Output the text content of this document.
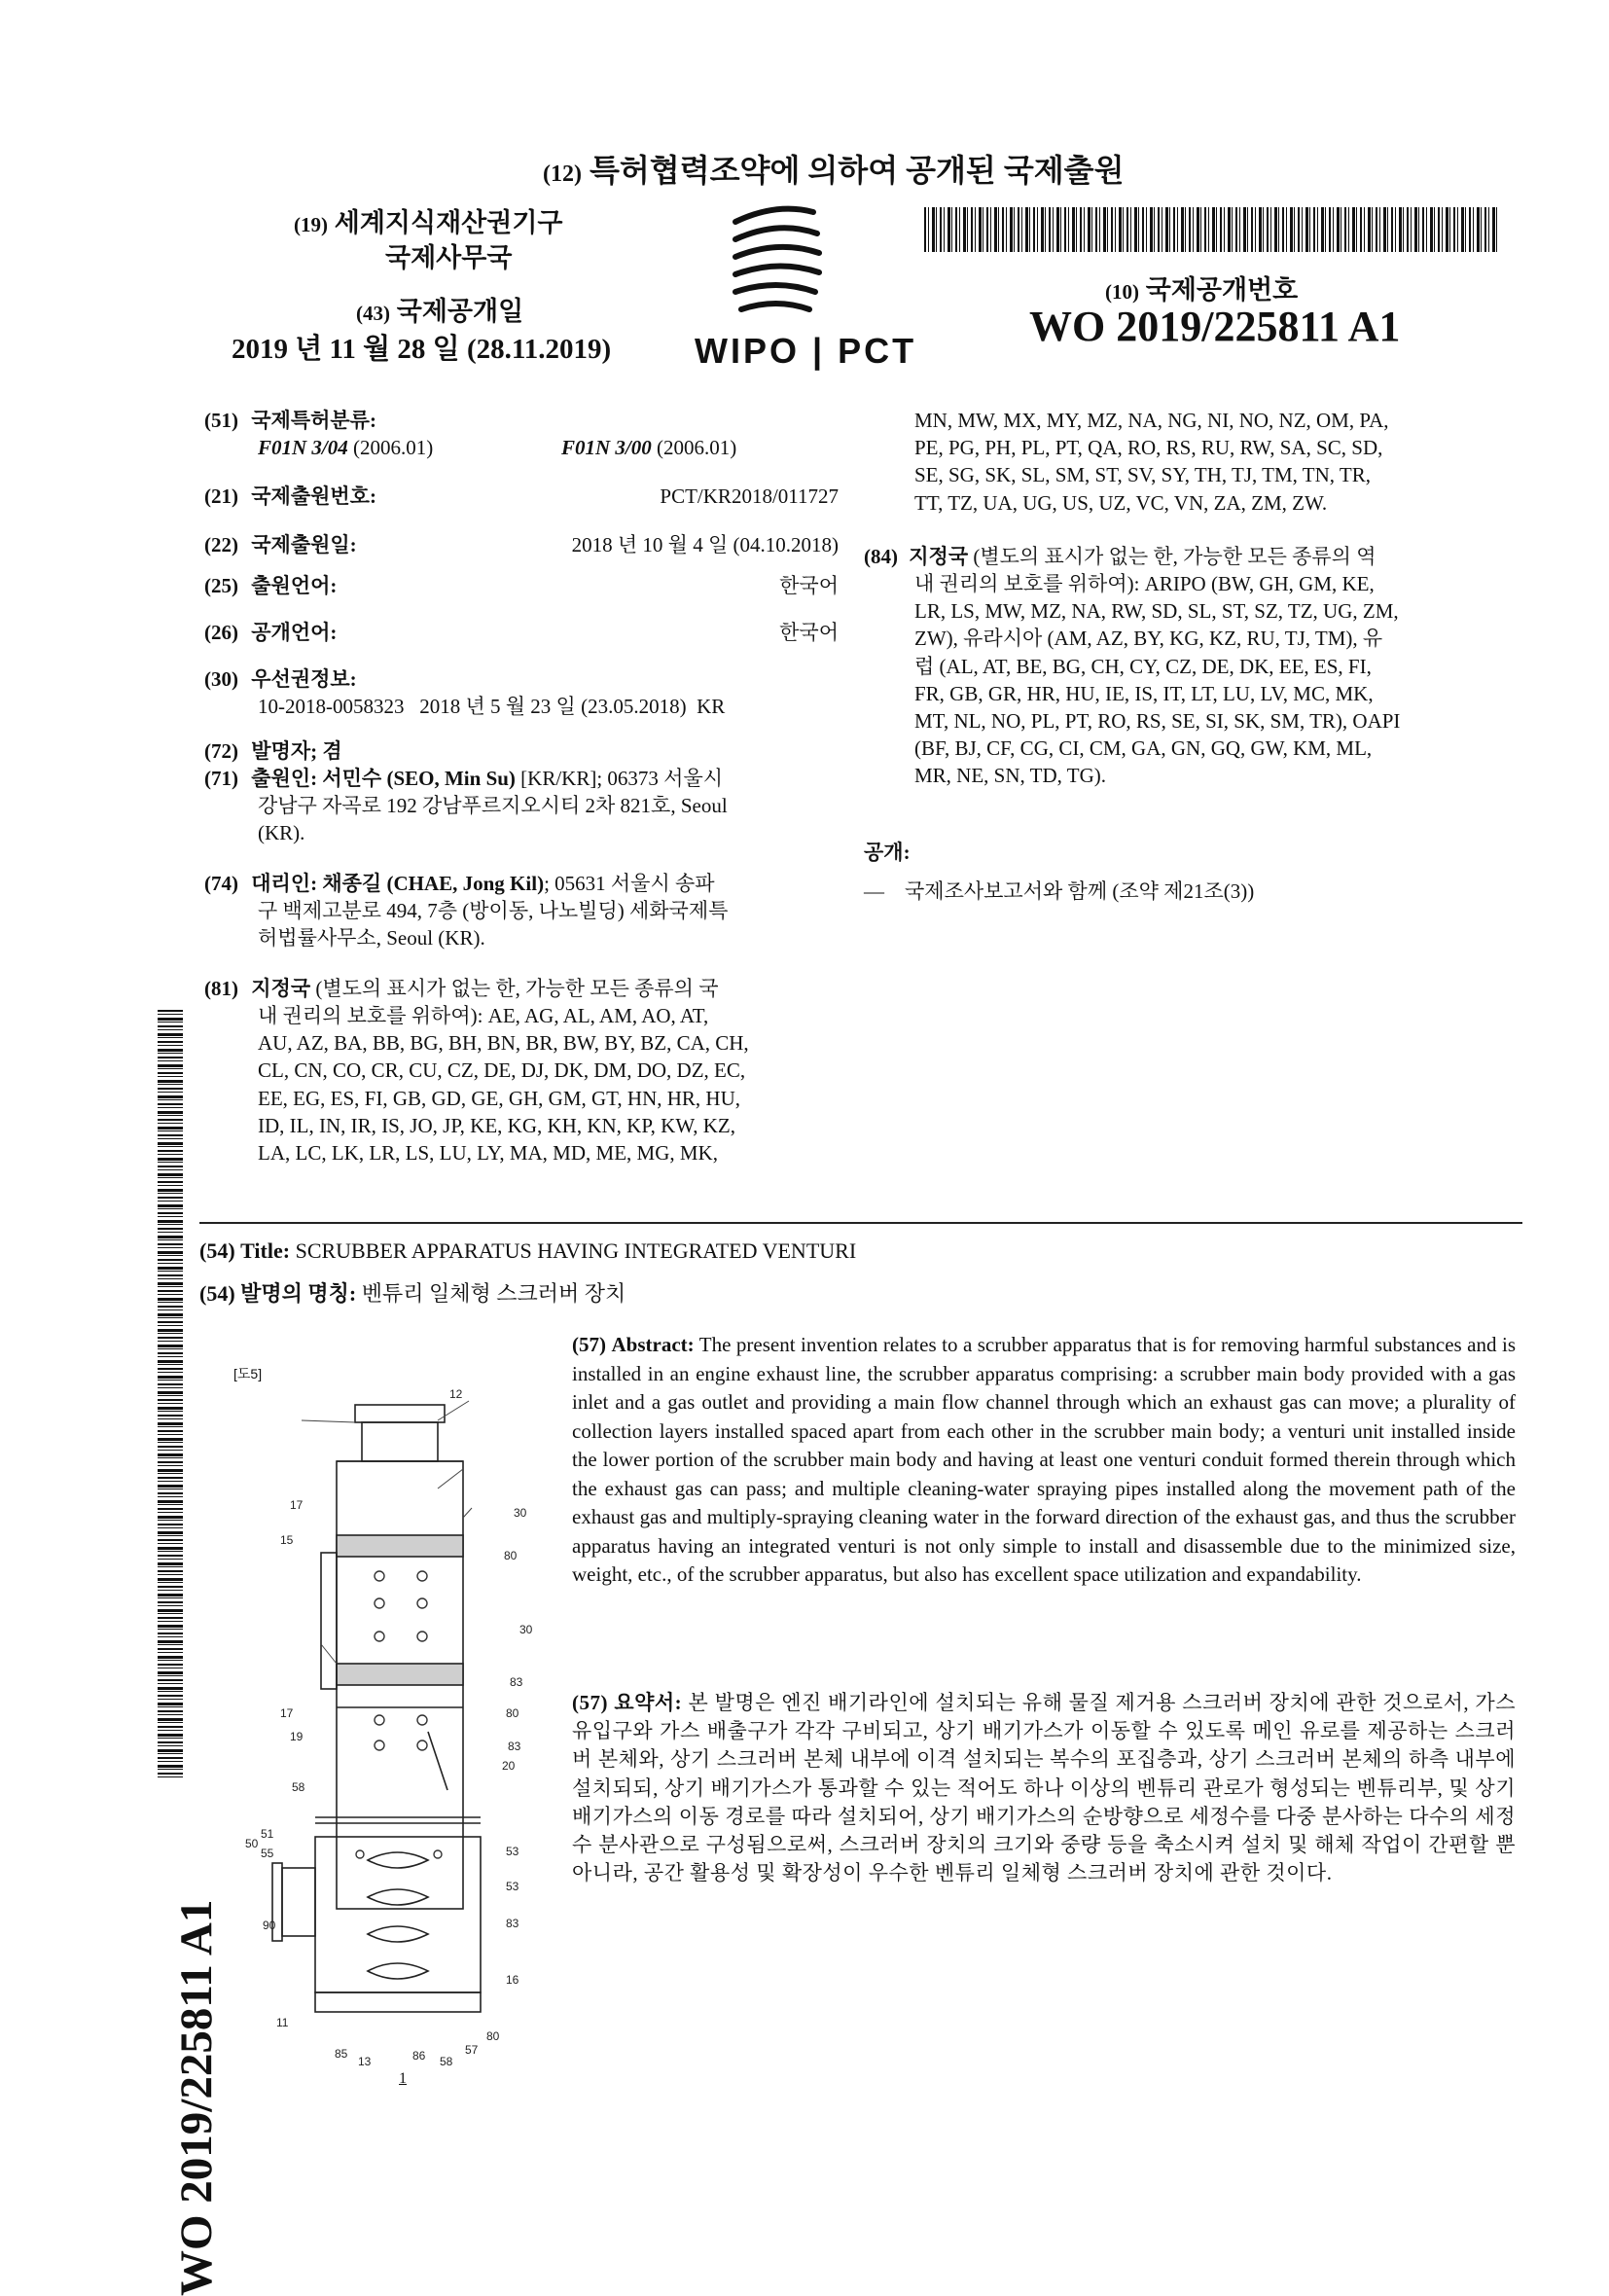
(12) 특허협력조약에 의하여 공개된 국제출원
(19) 세계지식재산권기구
국제사무국
(43) 국제공개일
2019 년 11 월 28 일 (28.11.2019) WIPO | PCT
(10) 국제공개번호
WO 2019/225811 A1
(51) 국제특허분류:
F01N 3/04 (2006.01)	F01N 3/00 (2006.01)
(21) 국제출원번호:	PCT/KR2018/011727
(22) 국제출원일:	2018 년 10 월 4 일 (04.10.2018)
(25) 출원언어:	한국어
(26) 공개언어:	한국어
(30) 우선권정보:
10-2018-0058323   2018 년 5 월 23 일 (23.05.2018)  KR
(72) 발명자; 겸
(71) 출원인: 서민수 (SEO, Min Su) [KR/KR]; 06373 서울시
강남구 자곡로 192 강남푸르지오시티 2차 821호, Seoul
(KR).
(74) 대리인: 채종길 (CHAE, Jong Kil); 05631 서울시 송파
구 백제고분로 494, 7층 (방이동, 나노빌딩) 세화국제특
허법률사무소, Seoul (KR).
(81) 지정국 (별도의 표시가 없는 한, 가능한 모든 종류의 국
내 권리의 보호를 위하여): AE, AG, AL, AM, AO, AT,
AU, AZ, BA, BB, BG, BH, BN, BR, BW, BY, BZ, CA, CH,
CL, CN, CO, CR, CU, CZ, DE, DJ, DK, DM, DO, DZ, EC,
EE, EG, ES, FI, GB, GD, GE, GH, GM, GT, HN, HR, HU,
ID, IL, IN, IR, IS, JO, JP, KE, KG, KH, KN, KP, KW, KZ,
LA, LC, LK, LR, LS, LU, LY, MA, MD, ME, MG, MK,
MN, MW, MX, MY, MZ, NA, NG, NI, NO, NZ, OM, PA,
PE, PG, PH, PL, PT, QA, RO, RS, RU, RW, SA, SC, SD,
SE, SG, SK, SL, SM, ST, SV, SY, TH, TJ, TM, TN, TR,
TT, TZ, UA, UG, US, UZ, VC, VN, ZA, ZM, ZW.
(84) 지정국 (별도의 표시가 없는 한, 가능한 모든 종류의 역
내 권리의 보호를 위하여): ARIPO (BW, GH, GM, KE,
LR, LS, MW, MZ, NA, RW, SD, SL, ST, SZ, TZ, UG, ZM,
ZW), 유라시아 (AM, AZ, BY, KG, KZ, RU, TJ, TM), 유
럽 (AL, AT, BE, BG, CH, CY, CZ, DE, DK, EE, ES, FI,
FR, GB, GR, HR, HU, IE, IS, IT, LT, LU, LV, MC, MK,
MT, NL, NO, PL, PT, RO, RS, SE, SI, SK, SM, TR), OAPI
(BF, BJ, CF, CG, CI, CM, GA, GN, GQ, GW, KM, ML,
MR, NE, SN, TD, TG).
공개:
—    국제조사보고서와 함께 (조약 제21조(3))
(54) Title: SCRUBBER APPARATUS HAVING INTEGRATED VENTURI
(54) 발명의 명칭: 벤튜리 일체형 스크러버 장치
(57) Abstract: The present invention relates to a scrubber apparatus that is for removing harmful substances and is installed in an engine exhaust line, the scrubber apparatus comprising: a scrubber main body provided with a gas inlet and a gas outlet and providing a main flow channel through which an exhaust gas can move; a plurality of collection layers installed spaced apart from each other in the scrubber main body; a venturi unit installed inside the lower portion of the scrubber main body and having at least one venturi conduit formed therein through which the exhaust gas can pass; and multiple cleaning-water spraying pipes installed along the movement path of the exhaust gas and multiply-spraying cleaning water in the forward direction of the exhaust gas, and thus the scrubber apparatus having an integrated venturi is not only simple to install and disassemble due to the minimized size, weight, etc., of the scrubber apparatus, but also has excellent space utilization and expandability.
(57) 요약서: 본 발명은 엔진 배기라인에 설치되는 유해 물질 제거용 스크러버 장치에 관한 것으로서, 가스 유입구와 가스 배출구가 각각 구비되고, 상기 배기가스가 이동할 수 있도록 메인 유로를 제공하는 스크러버 본체와, 상기 스크러버 본체 내부에 이격 설치되는 복수의 포집층과, 상기 스크러버 본체의 하측 내부에 설치되되, 상기 배기가스가 통과할 수 있는 적어도 하나 이상의 벤튜리 관로가 형성되는 벤튜리부, 및 상기 배기가스의 이동 경로를 따라 설치되어, 상기 배기가스의 순방향으로 세정수를 다중 분사하는 다수의 세정수 분사관으로 구성됨으로써, 스크러버 장치의 크기와 중량 등을 축소시켜 설치 및 해체 작업이 간편할 뿐 아니라, 공간 활용성 및 확장성이 우수한 벤튜리 일체형 스크러버 장치에 관한 것이다.
[도5]
12
17
15
30
80
30
83
17
19
80
83
20
58
50
51
55	53
53
90	83
16
11
85
13	86 58
57
80
1
WO 2019/225811 A1
